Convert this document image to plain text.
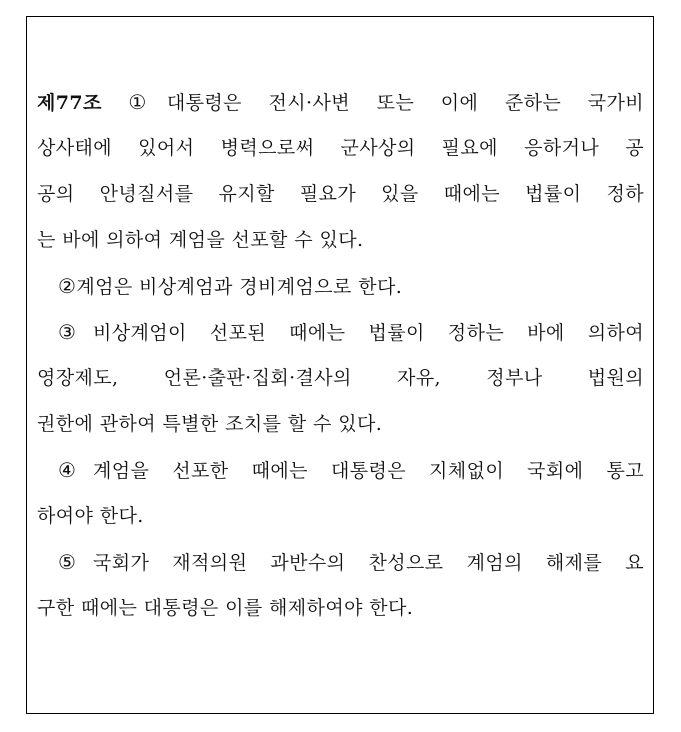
제77조 ①대통령은 전시·사변 또는 이에 준하는 국가비
상사태에 있어서 병력으로써 군사상의 필요에 응하거나 공
공의 안녕질서를 유지할 필요가 있을 때에는 법률이 정하
는 바에 의하여 계엄을 선포할 수 있다.
②계엄은 비상계엄과 경비계엄으로 한다.
③비상계엄이 선포된 때에는 법률이 정하는 바에 의하여
영장제도, 언론·출판·집회·결사의 자유, 정부나 법원의
권한에 관하여 특별한 조치를 할 수 있다.
④계엄을 선포한 때에는 대통령은 지체없이 국회에 통고
하여야 한다.
⑤국회가 재적의원 과반수의 찬성으로 계엄의 해제를 요
구한 때에는 대통령은 이를 해제하여야 한다.
